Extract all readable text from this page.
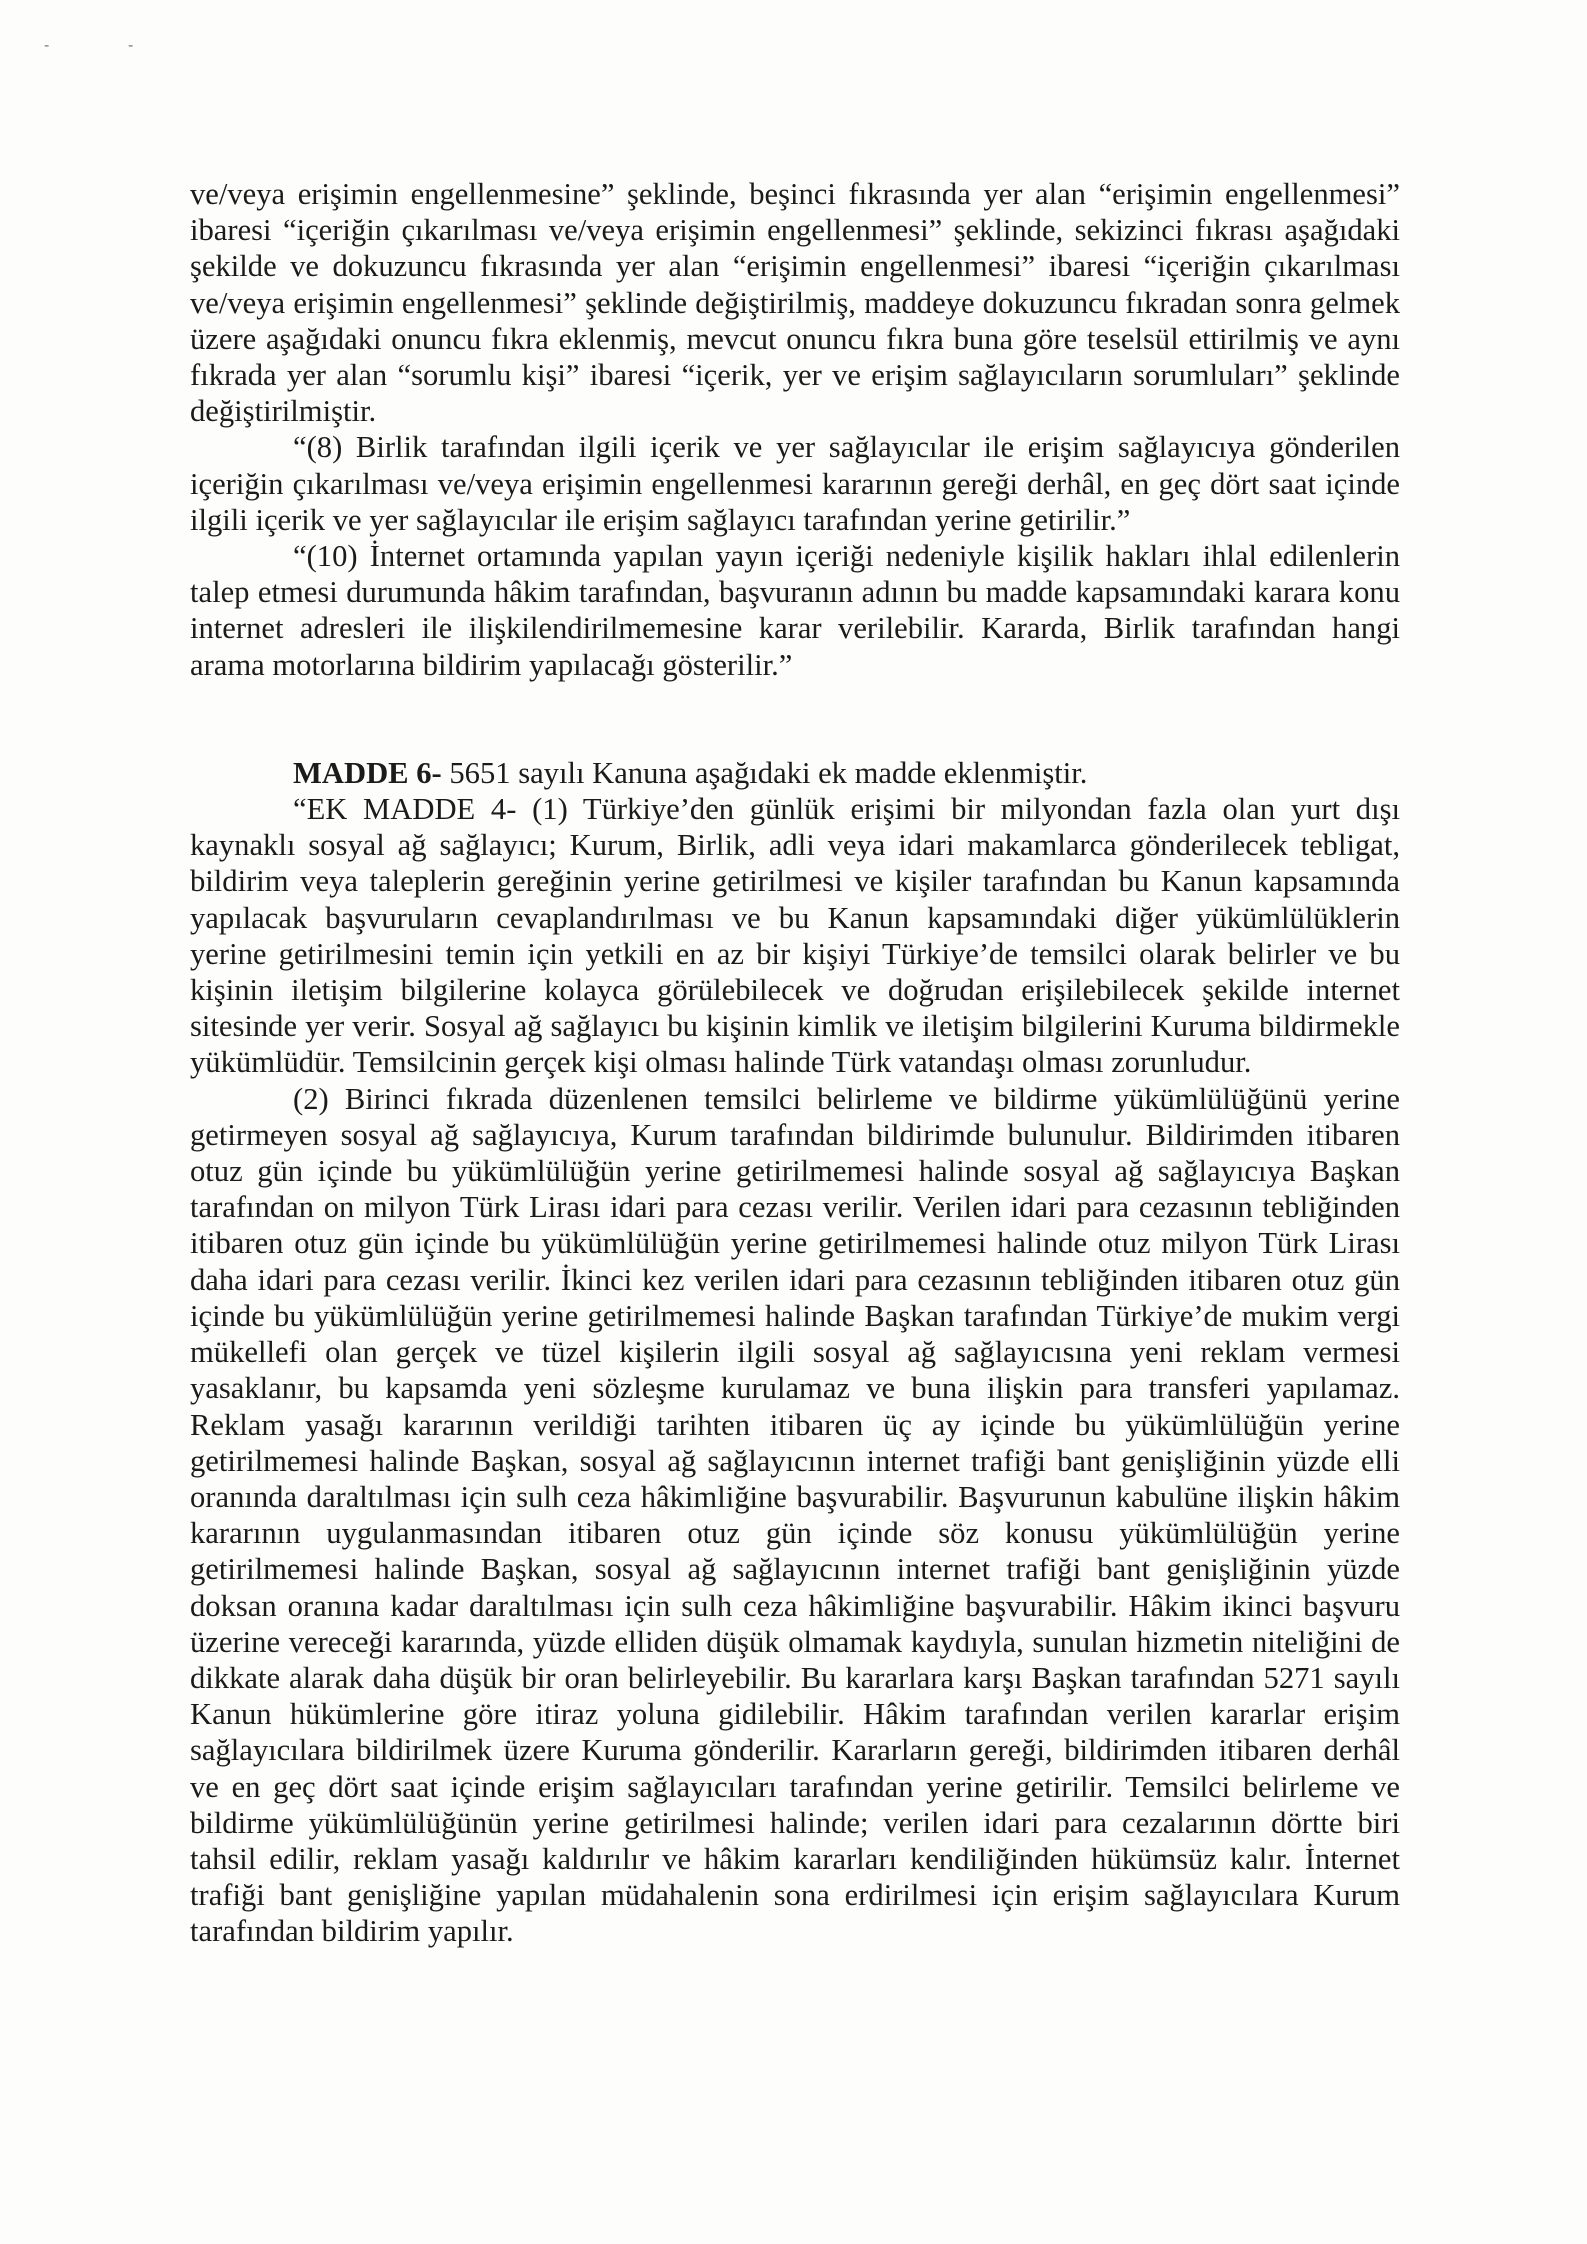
-	-

ve/veya erişimin engellenmesine” şeklinde, beşinci fıkrasında yer alan “erişimin engellenmesi” ibaresi “içeriğin çıkarılması ve/veya erişimin engellenmesi” şeklinde, sekizinci fıkrası aşağıdaki şekilde ve dokuzuncu fıkrasında yer alan “erişimin engellenmesi” ibaresi “içeriğin çıkarılması ve/veya erişimin engellenmesi” şeklinde değiştirilmiş, maddeye dokuzuncu fıkradan sonra gelmek üzere aşağıdaki onuncu fıkra eklenmiş, mevcut onuncu fıkra buna göre teselsül ettirilmiş ve aynı fıkrada yer alan “sorumlu kişi” ibaresi “içerik, yer ve erişim sağlayıcıların sorumluları” şeklinde değiştirilmiştir.

“(8) Birlik tarafından ilgili içerik ve yer sağlayıcılar ile erişim sağlayıcıya gönderilen içeriğin çıkarılması ve/veya erişimin engellenmesi kararının gereği derhâl, en geç dört saat içinde ilgili içerik ve yer sağlayıcılar ile erişim sağlayıcı tarafından yerine getirilir.”

“(10) İnternet ortamında yapılan yayın içeriği nedeniyle kişilik hakları ihlal edilenlerin talep etmesi durumunda hâkim tarafından, başvuranın adının bu madde kapsamındaki karara konu internet adresleri ile ilişkilendirilmemesine karar verilebilir. Kararda, Birlik tarafından hangi arama motorlarına bildirim yapılacağı gösterilir.”

MADDE 6- 5651 sayılı Kanuna aşağıdaki ek madde eklenmiştir.

“EK MADDE 4- (1) Türkiye’den günlük erişimi bir milyondan fazla olan yurt dışı kaynaklı sosyal ağ sağlayıcı; Kurum, Birlik, adli veya idari makamlarca gönderilecek tebligat, bildirim veya taleplerin gereğinin yerine getirilmesi ve kişiler tarafından bu Kanun kapsamında yapılacak başvuruların cevaplandırılması ve bu Kanun kapsamındaki diğer yükümlülüklerin yerine getirilmesini temin için yetkili en az bir kişiyi Türkiye’de temsilci olarak belirler ve bu kişinin iletişim bilgilerine kolayca görülebilecek ve doğrudan erişilebilecek şekilde internet sitesinde yer verir. Sosyal ağ sağlayıcı bu kişinin kimlik ve iletişim bilgilerini Kuruma bildirmekle yükümlüdür. Temsilcinin gerçek kişi olması halinde Türk vatandaşı olması zorunludur.

(2) Birinci fıkrada düzenlenen temsilci belirleme ve bildirme yükümlülüğünü yerine getirmeyen sosyal ağ sağlayıcıya, Kurum tarafından bildirimde bulunulur. Bildirimden itibaren otuz gün içinde bu yükümlülüğün yerine getirilmemesi halinde sosyal ağ sağlayıcıya Başkan tarafından on milyon Türk Lirası idari para cezası verilir. Verilen idari para cezasının tebliğinden itibaren otuz gün içinde bu yükümlülüğün yerine getirilmemesi halinde otuz milyon Türk Lirası daha idari para cezası verilir. İkinci kez verilen idari para cezasının tebliğinden itibaren otuz gün içinde bu yükümlülüğün yerine getirilmemesi halinde Başkan tarafından Türkiye’de mukim vergi mükellefi olan gerçek ve tüzel kişilerin ilgili sosyal ağ sağlayıcısına yeni reklam vermesi yasaklanır, bu kapsamda yeni sözleşme kurulamaz ve buna ilişkin para transferi yapılamaz. Reklam yasağı kararının verildiği tarihten itibaren üç ay içinde bu yükümlülüğün yerine getirilmemesi halinde Başkan, sosyal ağ sağlayıcının internet trafiği bant genişliğinin yüzde elli oranında daraltılması için sulh ceza hâkimliğine başvurabilir. Başvurunun kabulüne ilişkin hâkim kararının uygulanmasından itibaren otuz gün içinde söz konusu yükümlülüğün yerine getirilmemesi halinde Başkan, sosyal ağ sağlayıcının internet trafiği bant genişliğinin yüzde doksan oranına kadar daraltılması için sulh ceza hâkimliğine başvurabilir. Hâkim ikinci başvuru üzerine vereceği kararında, yüzde elliden düşük olmamak kaydıyla, sunulan hizmetin niteliğini de dikkate alarak daha düşük bir oran belirleyebilir. Bu kararlara karşı Başkan tarafından 5271 sayılı Kanun hükümlerine göre itiraz yoluna gidilebilir. Hâkim tarafından verilen kararlar erişim sağlayıcılara bildirilmek üzere Kuruma gönderilir. Kararların gereği, bildirimden itibaren derhâl ve en geç dört saat içinde erişim sağlayıcıları tarafından yerine getirilir. Temsilci belirleme ve bildirme yükümlülüğünün yerine getirilmesi halinde; verilen idari para cezalarının dörtte biri tahsil edilir, reklam yasağı kaldırılır ve hâkim kararları kendiliğinden hükümsüz kalır. İnternet trafiği bant genişliğine yapılan müdahalenin sona erdirilmesi için erişim sağlayıcılara Kurum tarafından bildirim yapılır.
